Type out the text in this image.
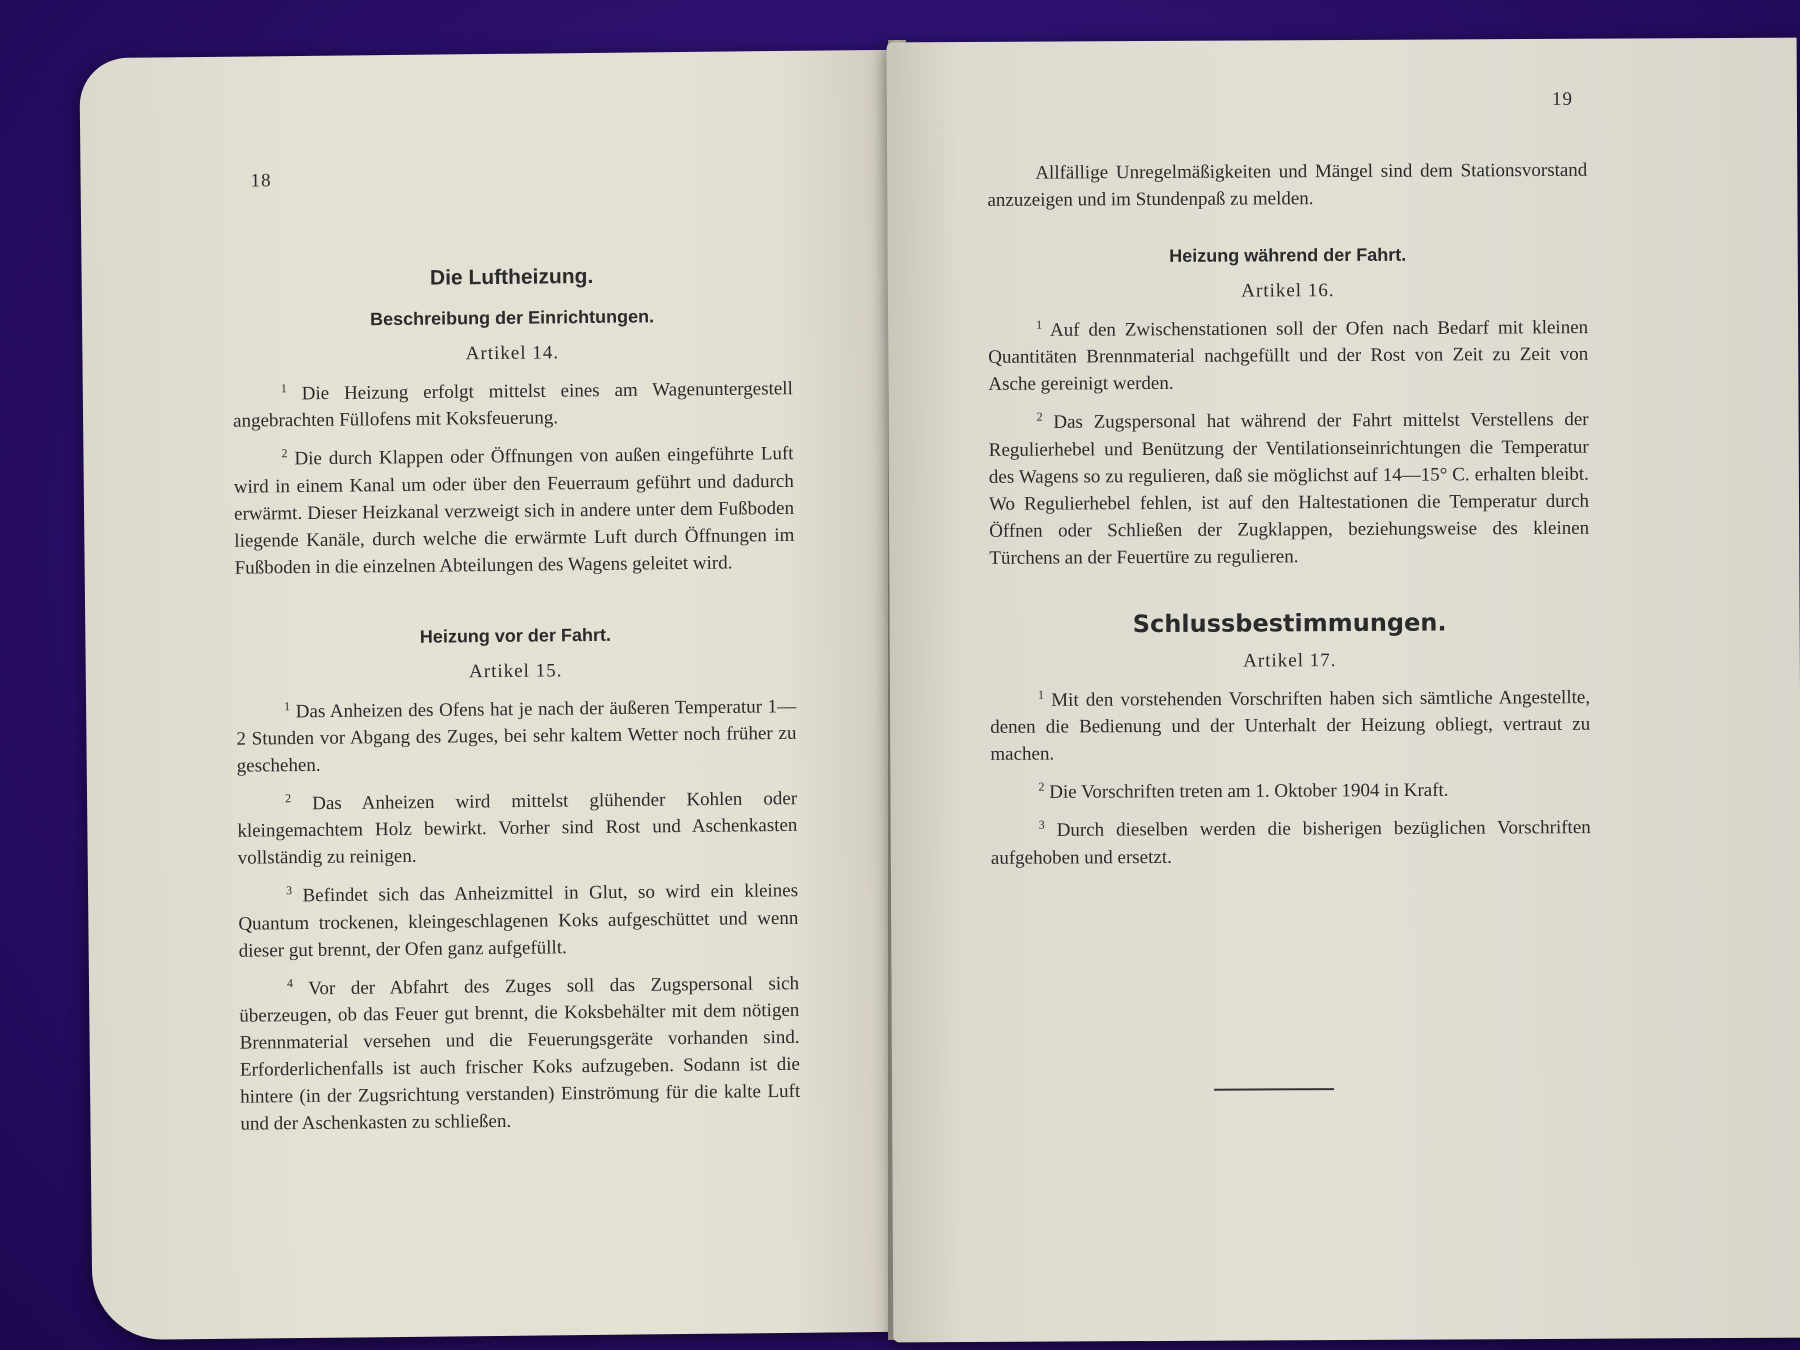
18

Die Luftheizung.

Beschreibung der Einrichtungen.

Artikel 14.

$^1$ Die Heizung erfolgt mittelst eines am Wagenuntergestell angebrachten Füllofens mit Koksfeuerung.

$^2$ Die durch Klappen oder Öffnungen von außen eingeführte Luft wird in einem Kanal um oder über den Feuerraum geführt und dadurch erwärmt. Dieser Heizkanal verzweigt sich in andere unter dem Fußboden liegende Kanäle, durch welche die erwärmte Luft durch Öffnungen im Fußboden in die einzelnen Abteilungen des Wagens geleitet wird.

Heizung vor der Fahrt.

Artikel 15.

$^1$ Das Anheizen des Ofens hat je nach der äußeren Temperatur 1—2 Stunden vor Abgang des Zuges, bei sehr kaltem Wetter noch früher zu geschehen.

$^2$ Das Anheizen wird mittelst glühender Kohlen oder kleingemachtem Holz bewirkt. Vorher sind Rost und Aschenkasten vollständig zu reinigen.

$^3$ Befindet sich das Anheizmittel in Glut, so wird ein kleines Quantum trockenen, kleingeschlagenen Koks aufgeschüttet und wenn dieser gut brennt, der Ofen ganz aufgefüllt.

$^4$ Vor der Abfahrt des Zuges soll das Zugspersonal sich überzeugen, ob das Feuer gut brennt, die Koksbehälter mit dem nötigen Brennmaterial versehen und die Feuerungsgeräte vorhanden sind. Erforderlichenfalls ist auch frischer Koks aufzugeben. Sodann ist die hintere (in der Zugsrichtung verstanden) Einströmung für die kalte Luft und der Aschenkasten zu schließen.

19

Allfällige Unregelmäßigkeiten und Mängel sind dem Stationsvorstand anzuzeigen und im Stundenpaß zu melden.

Heizung während der Fahrt.

Artikel 16.

$^1$ Auf den Zwischenstationen soll der Ofen nach Bedarf mit kleinen Quantitäten Brennmaterial nachgefüllt und der Rost von Zeit zu Zeit von Asche gereinigt werden.

$^2$ Das Zugspersonal hat während der Fahrt mittelst Verstellens der Regulierhebel und Benützung der Ventilationseinrichtungen die Temperatur des Wagens so zu regulieren, daß sie möglichst auf 14—15° C. erhalten bleibt. Wo Regulierhebel fehlen, ist auf den Haltestationen die Temperatur durch Öffnen oder Schließen der Zugklappen, beziehungsweise des kleinen Türchens an der Feuertüre zu regulieren.

Schlussbestimmungen.

Artikel 17.

$^1$ Mit den vorstehenden Vorschriften haben sich sämtliche Angestellte, denen die Bedienung und der Unterhalt der Heizung obliegt, vertraut zu machen.

$^2$ Die Vorschriften treten am 1. Oktober 1904 in Kraft.

$^3$ Durch dieselben werden die bisherigen bezüglichen Vorschriften aufgehoben und ersetzt.
